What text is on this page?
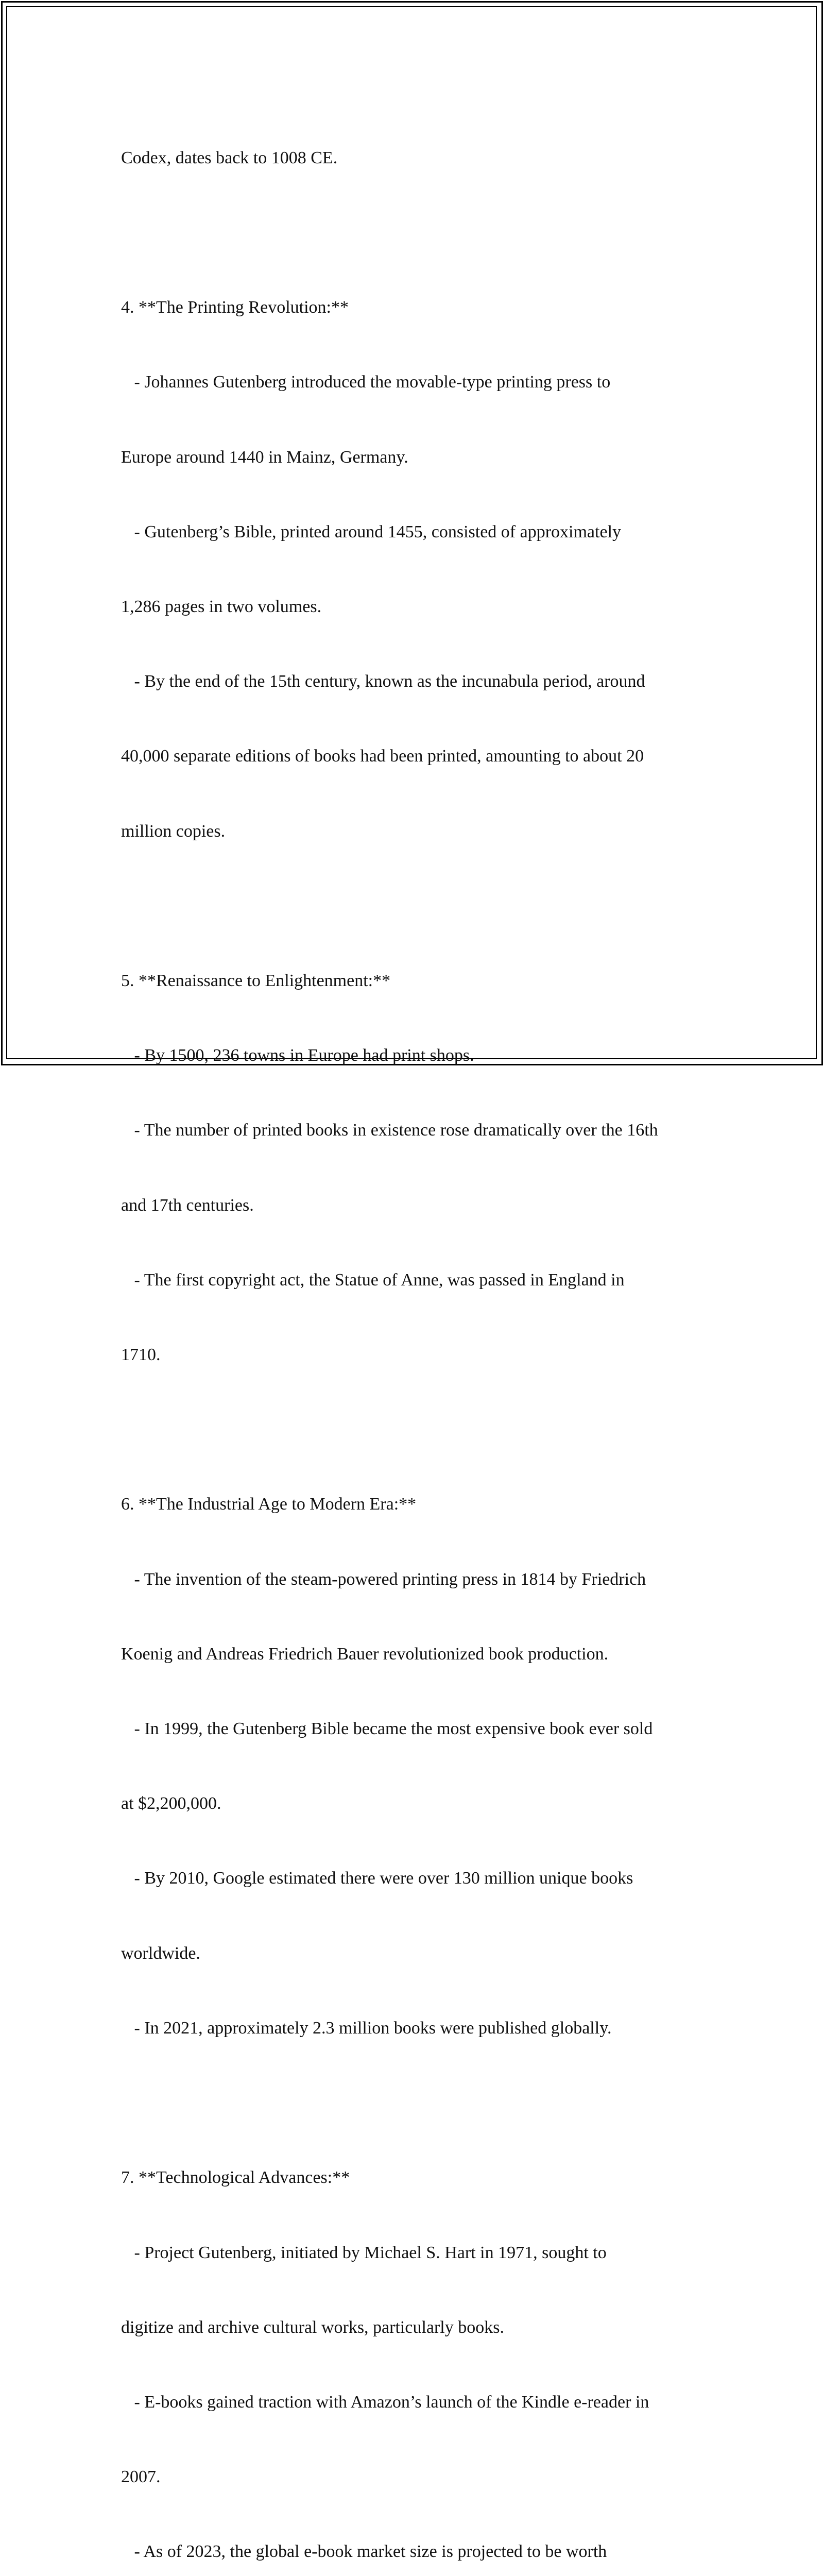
Codex, dates back to 1008 CE.

4. **The Printing Revolution:**

- Johannes Gutenberg introduced the movable-type printing press to

Europe around 1440 in Mainz, Germany.

- Gutenberg’s Bible, printed around 1455, consisted of approximately

1,286 pages in two volumes.

- By the end of the 15th century, known as the incunabula period, around

40,000 separate editions of books had been printed, amounting to about 20

million copies.

5. **Renaissance to Enlightenment:**

- By 1500, 236 towns in Europe had print shops.

- The number of printed books in existence rose dramatically over the 16th

and 17th centuries.

- The first copyright act, the Statue of Anne, was passed in England in

1710.

6. **The Industrial Age to Modern Era:**

- The invention of the steam-powered printing press in 1814 by Friedrich

Koenig and Andreas Friedrich Bauer revolutionized book production.

- In 1999, the Gutenberg Bible became the most expensive book ever sold

at $2,200,000.

- By 2010, Google estimated there were over 130 million unique books

worldwide.

- In 2021, approximately 2.3 million books were published globally.

7. **Technological Advances:**

- Project Gutenberg, initiated by Michael S. Hart in 1971, sought to

digitize and archive cultural works, particularly books.

- E-books gained traction with Amazon’s launch of the Kindle e-reader in

2007.

- As of 2023, the global e-book market size is projected to be worth
